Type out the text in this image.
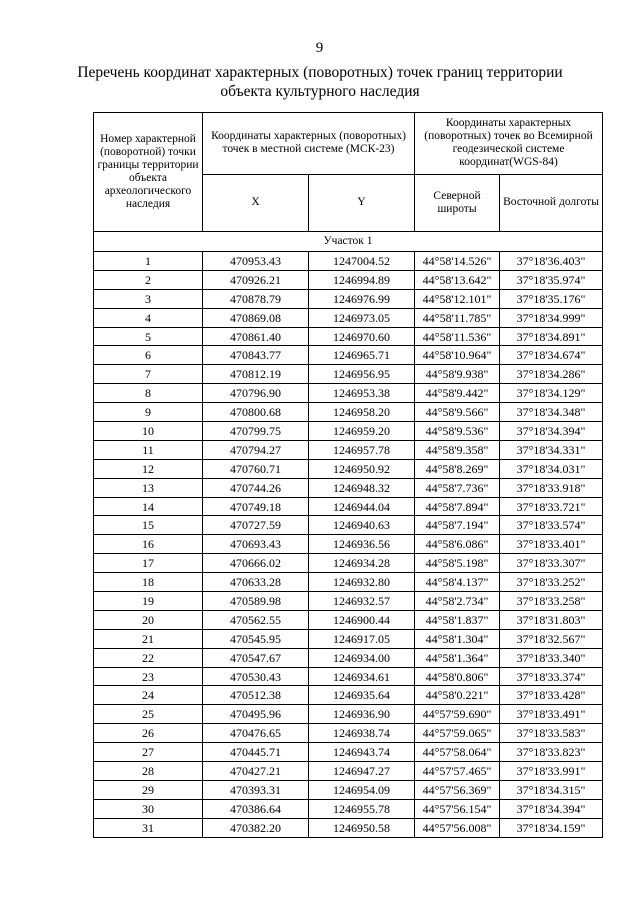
9
Перечень координат характерных (поворотных) точек границ территории объекта культурного наследия
Номер характерной (поворотной) точки границы территории объекта археологического наследия	Координаты характерных (поворотных) точек в местной системе (МСК-23)		Координаты характерных (поворотных) точек во Всемирной геодезической системе координат(WGS-84)	
	X	Y	Северной широты	Восточной долготы
Участок 1				
1	470953.43	1247004.52	44°58'14.526"	37°18'36.403"
2	470926.21	1246994.89	44°58'13.642"	37°18'35.974"
3	470878.79	1246976.99	44°58'12.101"	37°18'35.176"
4	470869.08	1246973.05	44°58'11.785"	37°18'34.999"
5	470861.40	1246970.60	44°58'11.536"	37°18'34.891"
6	470843.77	1246965.71	44°58'10.964"	37°18'34.674"
7	470812.19	1246956.95	44°58'9.938"	37°18'34.286"
8	470796.90	1246953.38	44°58'9.442"	37°18'34.129"
9	470800.68	1246958.20	44°58'9.566"	37°18'34.348"
10	470799.75	1246959.20	44°58'9.536"	37°18'34.394"
11	470794.27	1246957.78	44°58'9.358"	37°18'34.331"
12	470760.71	1246950.92	44°58'8.269"	37°18'34.031"
13	470744.26	1246948.32	44°58'7.736"	37°18'33.918"
14	470749.18	1246944.04	44°58'7.894"	37°18'33.721"
15	470727.59	1246940.63	44°58'7.194"	37°18'33.574"
16	470693.43	1246936.56	44°58'6.086"	37°18'33.401"
17	470666.02	1246934.28	44°58'5.198"	37°18'33.307"
18	470633.28	1246932.80	44°58'4.137"	37°18'33.252"
19	470589.98	1246932.57	44°58'2.734"	37°18'33.258"
20	470562.55	1246900.44	44°58'1.837"	37°18'31.803"
21	470545.95	1246917.05	44°58'1.304"	37°18'32.567"
22	470547.67	1246934.00	44°58'1.364"	37°18'33.340"
23	470530.43	1246934.61	44°58'0.806"	37°18'33.374"
24	470512.38	1246935.64	44°58'0.221"	37°18'33.428"
25	470495.96	1246936.90	44°57'59.690"	37°18'33.491"
26	470476.65	1246938.74	44°57'59.065"	37°18'33.583"
27	470445.71	1246943.74	44°57'58.064"	37°18'33.823"
28	470427.21	1246947.27	44°57'57.465"	37°18'33.991"
29	470393.31	1246954.09	44°57'56.369"	37°18'34.315"
30	470386.64	1246955.78	44°57'56.154"	37°18'34.394"
31	470382.20	1246950.58	44°57'56.008"	37°18'34.159"
